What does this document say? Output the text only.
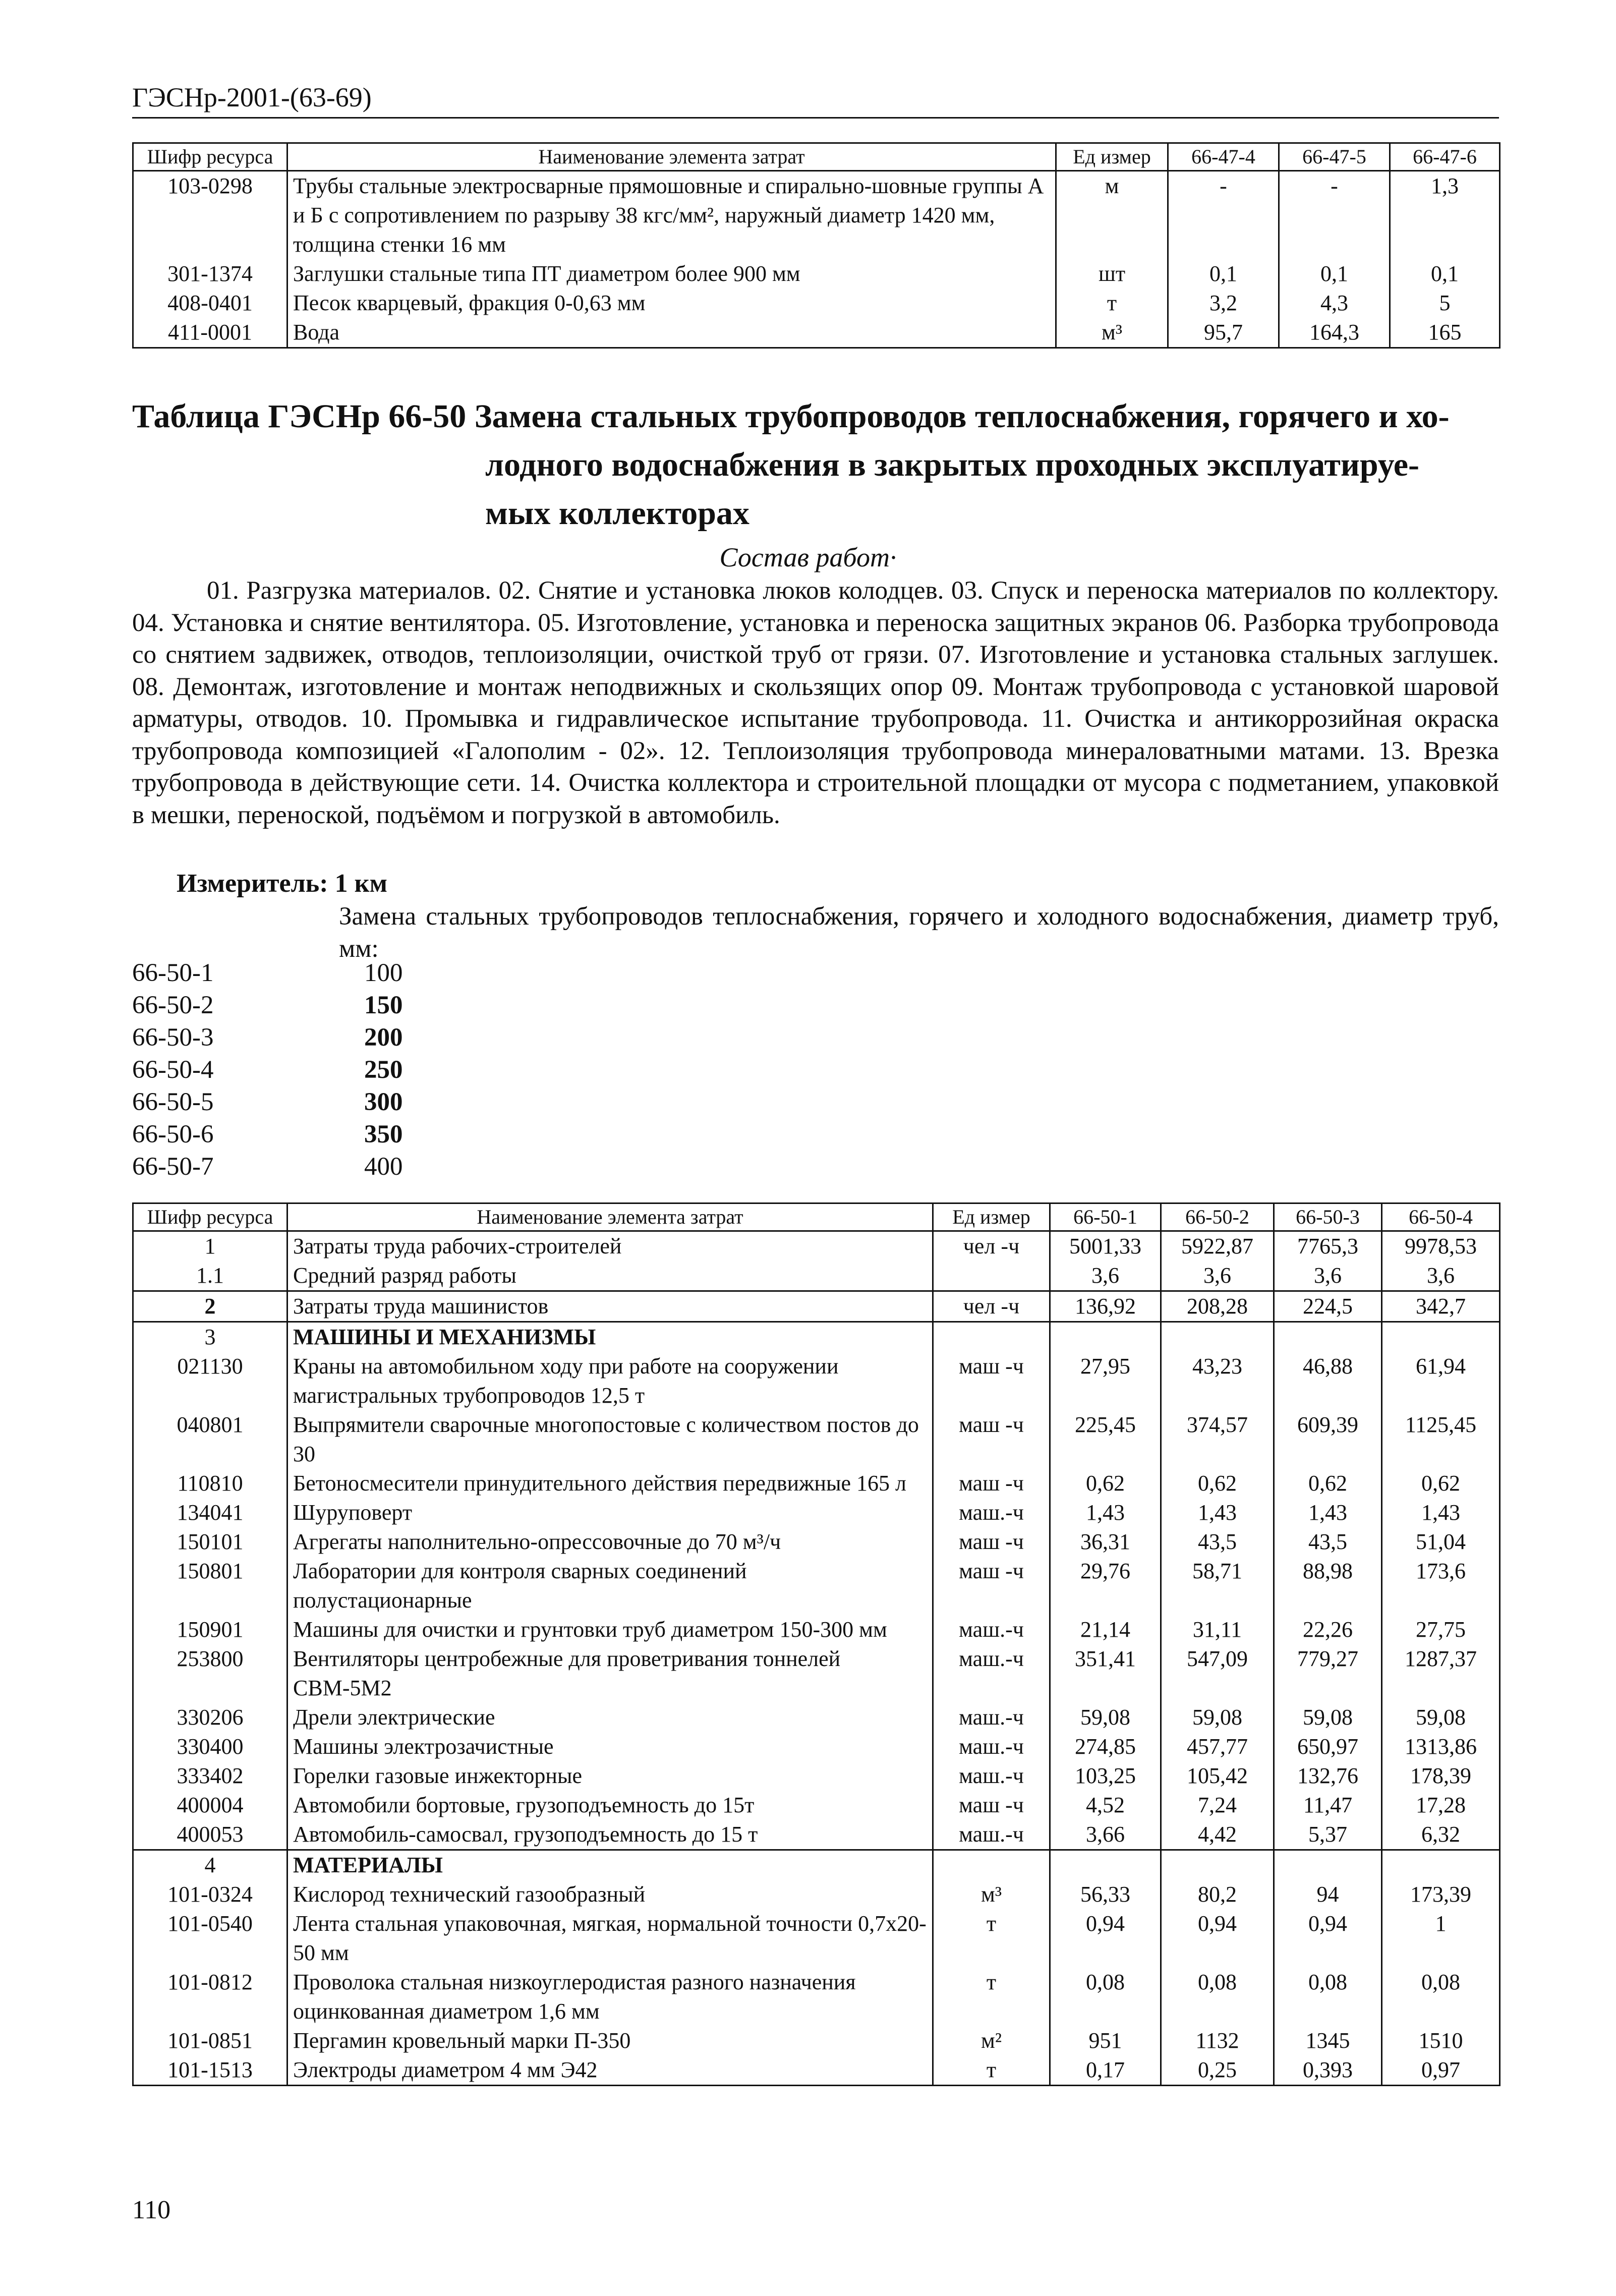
ГЭСНр-2001-(63-69)
Шифр ресурса	Наименование элемента затрат	Ед измер	66-47-4	66-47-5	66-47-6
103-0298	Трубы стальные электросварные прямошовные и спирально-шовные группы А и Б с сопротивлением по разрыву 38 кгс/мм², наружный диаметр 1420 мм, толщина стенки 16 мм	м	-	-	1,3
301-1374	Заглушки стальные типа ПТ диаметром более 900 мм	шт	0,1	0,1	0,1
408-0401	Песок кварцевый, фракция 0-0,63 мм	т	3,2	4,3	5
411-0001	Вода	м³	95,7	164,3	165
Таблица ГЭСНр 66-50 Замена стальных трубопроводов теплоснабжения, горячего и хо-
лодного водоснабжения в закрытых проходных эксплуатируе-
мых коллекторах
Состав работ·
01. Разгрузка материалов. 02. Снятие и установка люков колодцев. 03. Спуск и переноска материалов по коллектору. 04. Установка и снятие вентилятора. 05. Изготовление, установка и переноска защитных экранов 06. Разборка трубопровода со снятием задвижек, отводов, теплоизоляции, очисткой труб от грязи. 07. Изготовление и установка стальных заглушек. 08. Демонтаж, изготовление и монтаж неподвижных и скользящих опор 09. Монтаж трубопровода с установкой шаровой арматуры, отводов. 10. Промывка и гидравлическое испытание трубопровода. 11. Очистка и антикоррозийная окраска трубопровода композицией «Галополим - 02». 12. Теплоизоляция трубопровода минераловатными матами. 13. Врезка трубопровода в действующие сети. 14. Очистка коллектора и строительной площадки от мусора с подметанием, упаковкой в мешки, переноской, подъёмом и погрузкой в автомобиль.
Измеритель: 1 км
Замена стальных трубопроводов теплоснабжения, горячего и холодного водоснабжения, диаметр труб, мм:
66-50-1	100
66-50-2	150
66-50-3	200
66-50-4	250
66-50-5	300
66-50-6	350
66-50-7	400
Шифр ресурса	Наименование элемента затрат	Ед измер	66-50-1	66-50-2	66-50-3	66-50-4
1	Затраты труда рабочих-строителей	чел -ч	5001,33	5922,87	7765,3	9978,53
1.1	Средний разряд работы		3,6	3,6	3,6	3,6
2	Затраты труда машинистов	чел -ч	136,92	208,28	224,5	342,7
3	МАШИНЫ И МЕХАНИЗМЫ					
021130	Краны на автомобильном ходу при работе на сооружении магистральных трубопроводов 12,5 т	маш -ч	27,95	43,23	46,88	61,94
040801	Выпрямители сварочные многопостовые с количеством постов до 30	маш -ч	225,45	374,57	609,39	1125,45
110810	Бетоносмесители принудительного действия передвижные 165 л	маш -ч	0,62	0,62	0,62	0,62
134041	Шуруповерт	маш.-ч	1,43	1,43	1,43	1,43
150101	Агрегаты наполнительно-опрессовочные до 70 м³/ч	маш -ч	36,31	43,5	43,5	51,04
150801	Лаборатории для контроля сварных соединений полустационарные	маш -ч	29,76	58,71	88,98	173,6
150901	Машины для очистки и грунтовки труб диаметром 150-300 мм	маш.-ч	21,14	31,11	22,26	27,75
253800	Вентиляторы центробежные для проветривания тоннелей СВМ-5М2	маш.-ч	351,41	547,09	779,27	1287,37
330206	Дрели электрические	маш.-ч	59,08	59,08	59,08	59,08
330400	Машины электрозачистные	маш.-ч	274,85	457,77	650,97	1313,86
333402	Горелки газовые инжекторные	маш.-ч	103,25	105,42	132,76	178,39
400004	Автомобили бортовые, грузоподъемность до 15т	маш -ч	4,52	7,24	11,47	17,28
400053	Автомобиль-самосвал, грузоподъемность до 15 т	маш.-ч	3,66	4,42	5,37	6,32
4	МАТЕРИАЛЫ					
101-0324	Кислород технический газообразный	м³	56,33	80,2	94	173,39
101-0540	Лента стальная упаковочная, мягкая, нормальной точности 0,7х20-50 мм	т	0,94	0,94	0,94	1
101-0812	Проволока стальная низкоуглеродистая разного назначения оцинкованная диаметром 1,6 мм	т	0,08	0,08	0,08	0,08
101-0851	Пергамин кровельный марки П-350	м²	951	1132	1345	1510
101-1513	Электроды диаметром 4 мм Э42	т	0,17	0,25	0,393	0,97
110
